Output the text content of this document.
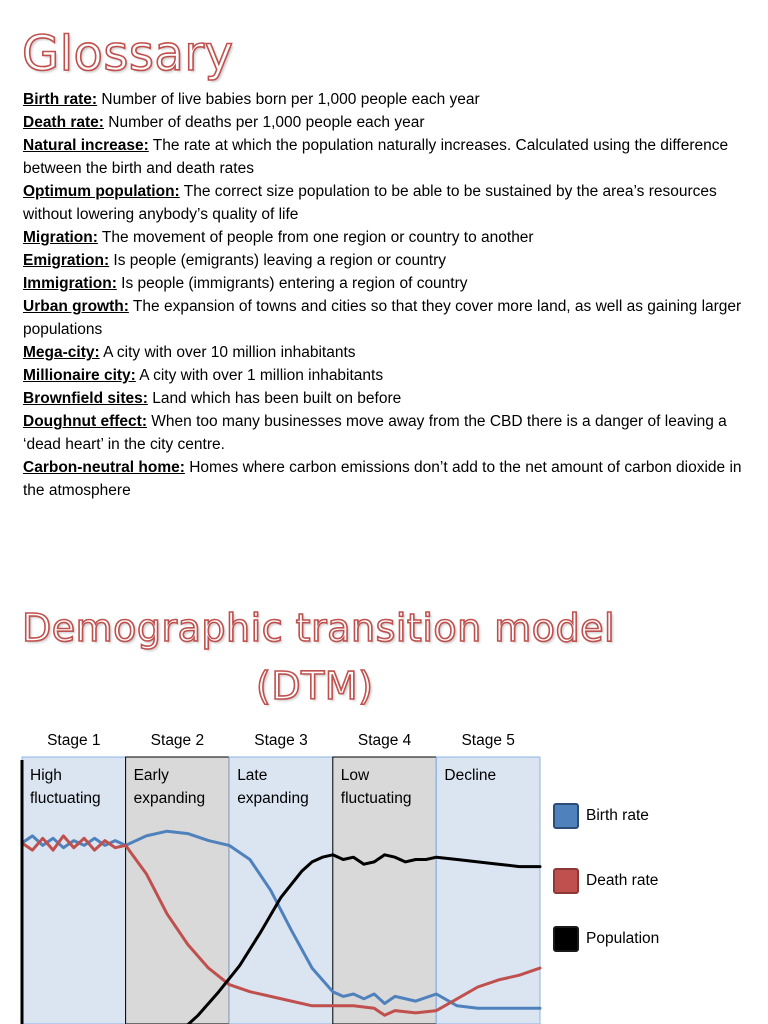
Glossary

Birth rate: Number of live babies born per 1,000 people each year

Death rate: Number of deaths per 1,000 people each year

Natural increase: The rate at which the population naturally increases. Calculated using the difference between the birth and death rates

Optimum population: The correct size population to be able to be sustained by the area’s resources without lowering anybody’s quality of life

Migration: The movement of people from one region or country to another

Emigration: Is people (emigrants) leaving a region or country

Immigration: Is people (immigrants) entering a region of country

Urban growth: The expansion of towns and cities so that they cover more land, as well as gaining larger populations

Mega-city: A city with over 10 million inhabitants

Millionaire city: A city with over 1 million inhabitants

Brownfield sites: Land which has been built on before

Doughnut effect: When too many businesses move away from the CBD there is a danger of leaving a ‘dead heart’ in the city centre.

Carbon-neutral home: Homes where carbon emissions don’t add to the net amount of carbon dioxide in the atmosphere

Demographic transition model
(DTM)
Stage 1
High
fluctuating
Stage 2
Early
expanding
Stage 3
Late
expanding
Stage 4
Low
fluctuating
Stage 5
Decline
Birth rate
Death rate
Population
